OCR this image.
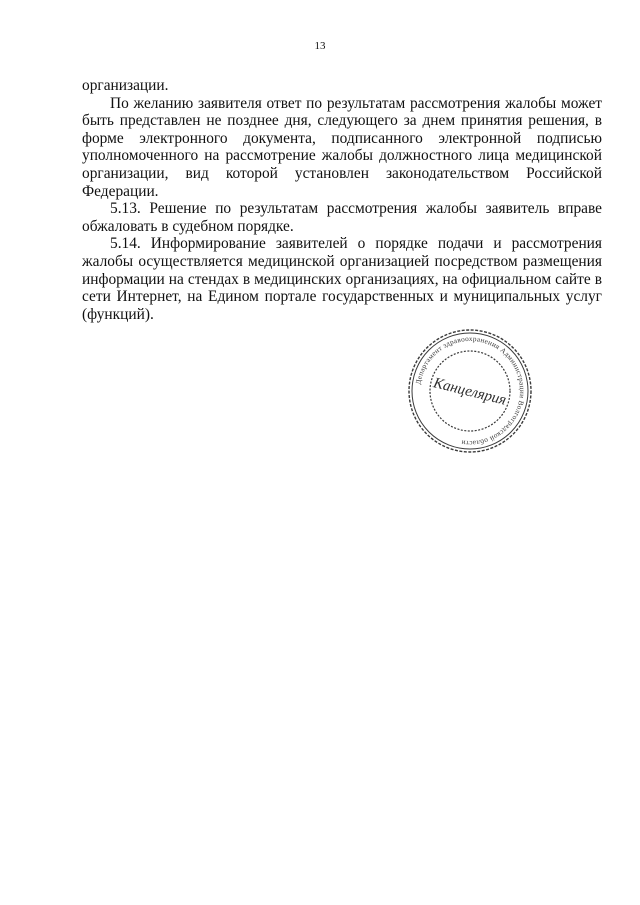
13

организации.

По желанию заявителя ответ по результатам рассмотрения жалобы может быть представлен не позднее дня, следующего за днем принятия решения, в форме электронного документа, подписанного электронной подписью уполномоченного на рассмотрение жалобы должностного лица медицинской организации, вид которой установлен законодательством Российской Федерации.

5.13. Решение по результатам рассмотрения жалобы заявитель вправе обжаловать в судебном порядке.

5.14. Информирование заявителей о порядке подачи и рассмотрения жалобы осуществляется медицинской организацией посредством размещения информации на стендах в медицинских организациях, на официальном сайте в сети Интернет, на Едином портале государственных и муниципальных услуг (функций).

Департамент здравоохранения Администрации Волгоградской области
Канцелярия
